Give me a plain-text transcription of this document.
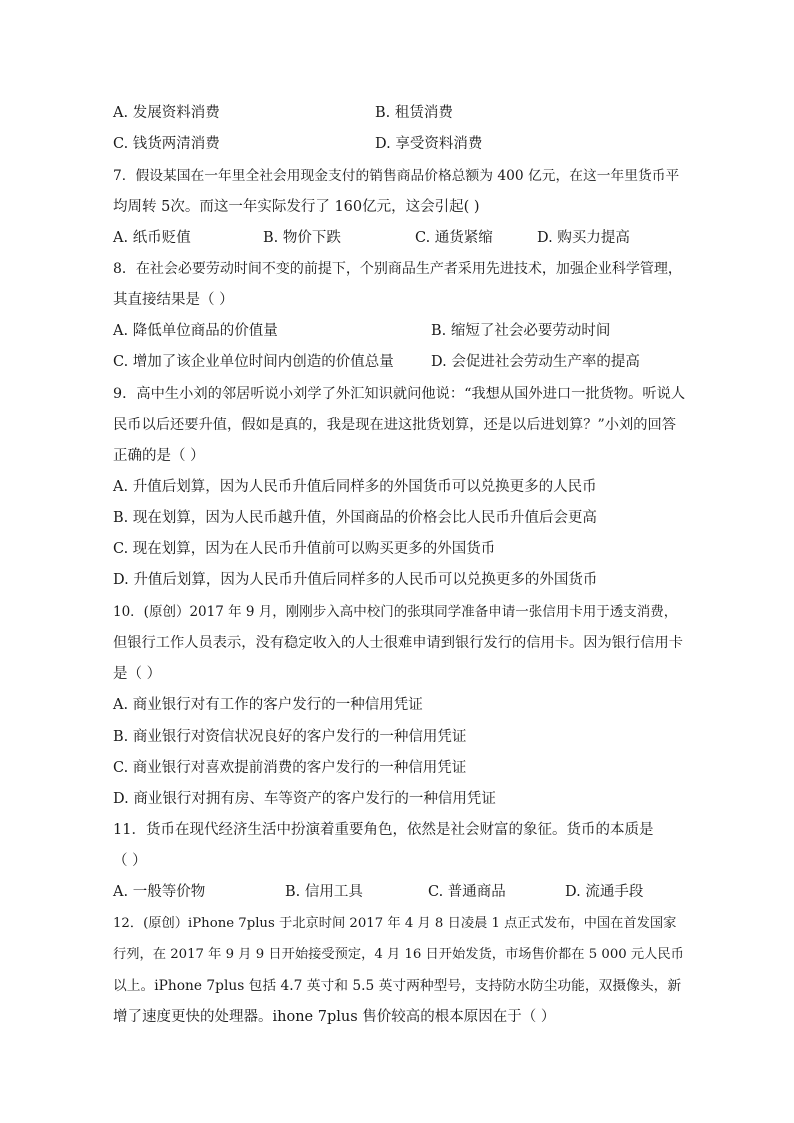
A. 发展资料消费	B. 租赁消费
C. 钱货两清消费	D. 享受资料消费
7．假设某国在一年里全社会用现金支付的销售商品价格总额为 400 亿元，在这一年里货币平
均周转 5次。而这一年实际发行了 160亿元，这会引起( )
A. 纸币贬值	B. 物价下跌	C. 通货紧缩	D. 购买力提高
8．在社会必要劳动时间不变的前提下，个别商品生产者采用先进技术，加强企业科学管理，
其直接结果是（ ）
A. 降低单位商品的价值量	B. 缩短了社会必要劳动时间
C. 增加了该企业单位时间内创造的价值总量	D. 会促进社会劳动生产率的提高
9．高中生小刘的邻居听说小刘学了外汇知识就问他说：“我想从国外进口一批货物。听说人
民币以后还要升值，假如是真的，我是现在进这批货划算，还是以后进划算？”小刘的回答
正确的是（ ）
A. 升值后划算，因为人民币升值后同样多的外国货币可以兑换更多的人民币
B. 现在划算，因为人民币越升值，外国商品的价格会比人民币升值后会更高
C. 现在划算，因为在人民币升值前可以购买更多的外国货币
D. 升值后划算，因为人民币升值后同样多的人民币可以兑换更多的外国货币
10．(原创）2017 年 9 月，刚刚步入高中校门的张琪同学准备申请一张信用卡用于透支消费，
但银行工作人员表示，没有稳定收入的人士很难申请到银行发行的信用卡。因为银行信用卡
是（ ）
A. 商业银行对有工作的客户发行的一种信用凭证
B. 商业银行对资信状况良好的客户发行的一种信用凭证
C. 商业银行对喜欢提前消费的客户发行的一种信用凭证
D. 商业银行对拥有房、车等资产的客户发行的一种信用凭证
11．货币在现代经济生活中扮演着重要角色，依然是社会财富的象征。货币的本质是
（ ）
A. 一般等价物	B. 信用工具	C. 普通商品	D. 流通手段
12．(原创）iPhone 7plus 于北京时间 2017 年 4 月 8 日凌晨 1 点正式发布，中国在首发国家
行列，在 2017 年 9 月 9 日开始接受预定，4 月 16 日开始发货，市场售价都在 5 000 元人民币
以上。iPhone 7plus 包括 4.7 英寸和 5.5 英寸两种型号，支持防水防尘功能，双摄像头，新
增了速度更快的处理器。ihone 7plus 售价较高的根本原因在于（ ）
